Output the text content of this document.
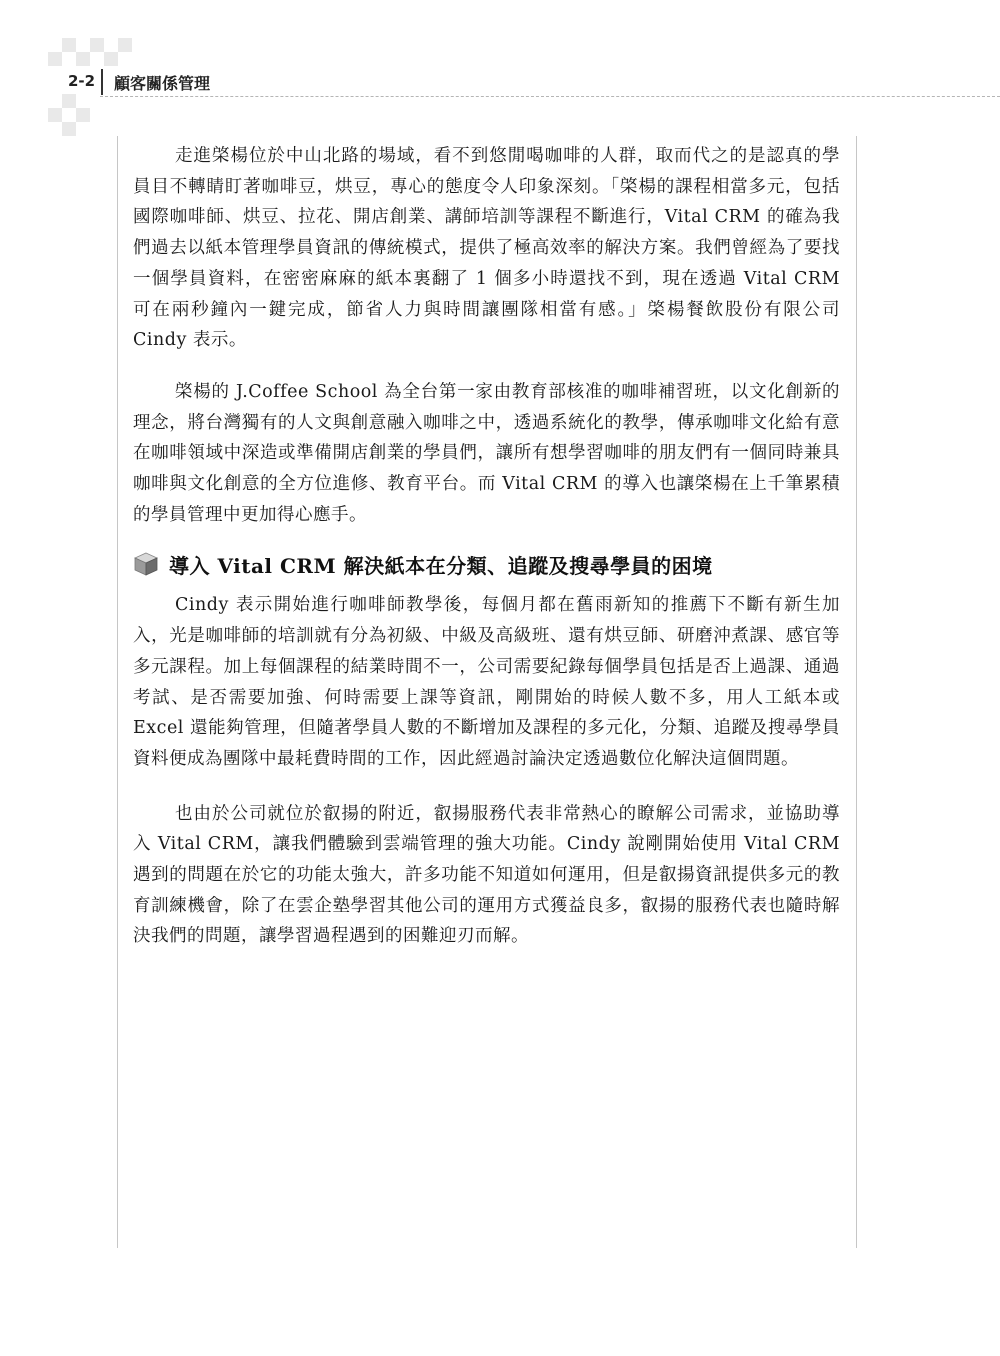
2-2 顧客關係管理

走進棨楊位於中山北路的場域，看不到悠閒喝咖啡的人群，取而代之的是認真的學員目不轉睛盯著咖啡豆，烘豆，專心的態度令人印象深刻。「棨楊的課程相當多元，包括國際咖啡師、烘豆、拉花、開店創業、講師培訓等課程不斷進行，Vital CRM 的確為我們過去以紙本管理學員資訊的傳統模式，提供了極高效率的解決方案。我們曾經為了要找一個學員資料，在密密麻麻的紙本裏翻了 1 個多小時還找不到，現在透過 Vital CRM 可在兩秒鐘內一鍵完成，節省人力與時間讓團隊相當有感。」棨楊餐飲股份有限公司 Cindy 表示。

棨楊的 J.Coffee School 為全台第一家由教育部核准的咖啡補習班，以文化創新的理念，將台灣獨有的人文與創意融入咖啡之中，透過系統化的教學，傳承咖啡文化給有意在咖啡領域中深造或準備開店創業的學員們，讓所有想學習咖啡的朋友們有一個同時兼具咖啡與文化創意的全方位進修、教育平台。而 Vital CRM 的導入也讓棨楊在上千筆累積的學員管理中更加得心應手。

導入 Vital CRM 解決紙本在分類、追蹤及搜尋學員的困境

Cindy 表示開始進行咖啡師教學後，每個月都在舊雨新知的推薦下不斷有新生加入，光是咖啡師的培訓就有分為初級、中級及高級班、還有烘豆師、研磨沖煮課、感官等多元課程。加上每個課程的結業時間不一，公司需要紀錄每個學員包括是否上過課、通過考試、是否需要加強、何時需要上課等資訊，剛開始的時候人數不多，用人工紙本或 Excel 還能夠管理，但隨著學員人數的不斷增加及課程的多元化，分類、追蹤及搜尋學員資料便成為團隊中最耗費時間的工作，因此經過討論決定透過數位化解決這個問題。

也由於公司就位於叡揚的附近，叡揚服務代表非常熱心的瞭解公司需求，並協助導入 Vital CRM，讓我們體驗到雲端管理的強大功能。Cindy 說剛開始使用 Vital CRM 遇到的問題在於它的功能太強大，許多功能不知道如何運用，但是叡揚資訊提供多元的教育訓練機會，除了在雲企塾學習其他公司的運用方式獲益良多，叡揚的服務代表也隨時解決我們的問題，讓學習過程遇到的困難迎刃而解。
